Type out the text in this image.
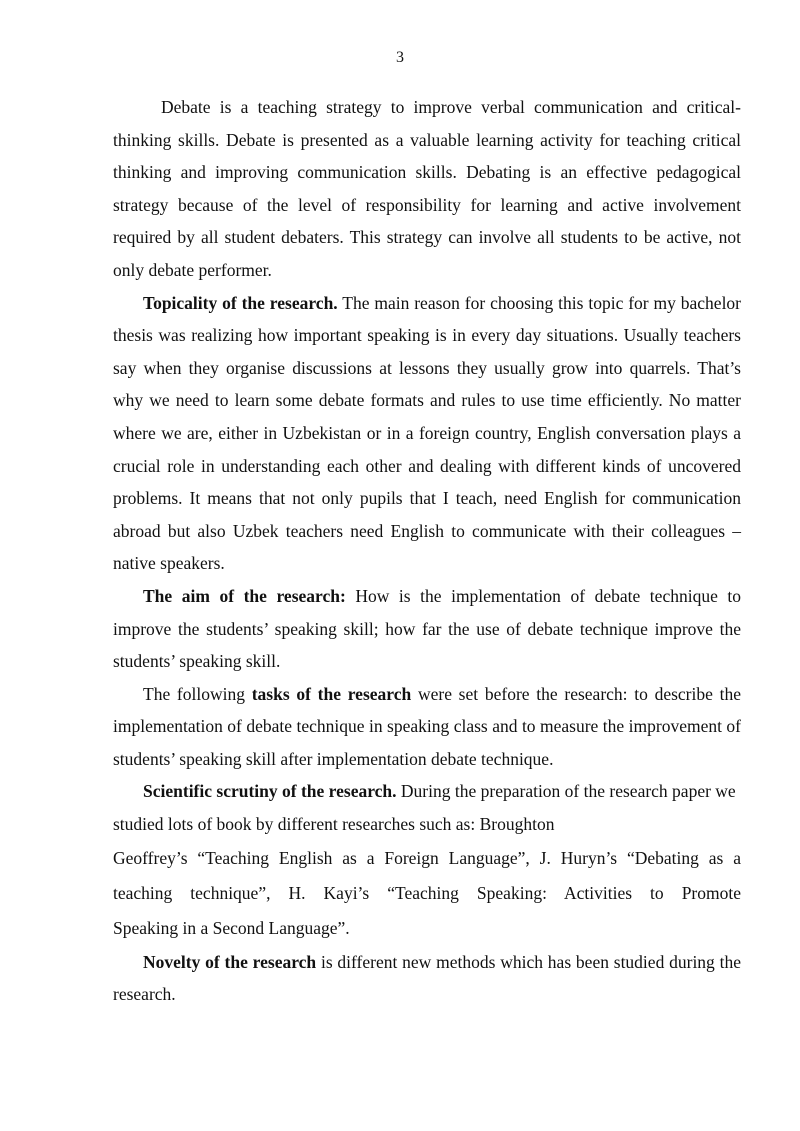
3

Debate is a teaching strategy to improve verbal communication and critical-thinking skills. Debate is presented as a valuable learning activity for teaching critical thinking and improving communication skills. Debating is an effective pedagogical strategy because of the level of responsibility for learning and active involvement required by all student debaters. This strategy can involve all students to be active, not only debate performer.

Topicality of the research. The main reason for choosing this topic for my bachelor thesis was realizing how important speaking is in every day situations. Usually teachers say when they organise discussions at lessons they usually grow into quarrels. That’s why we need to learn some debate formats and rules to use time efficiently. No matter where we are, either in Uzbekistan or in a foreign country, English conversation plays a crucial role in understanding each other and dealing with different kinds of uncovered problems. It means that not only pupils that I teach, need English for communication abroad but also Uzbek teachers need English to communicate with their colleagues – native speakers.

The aim of the research: How is the implementation of debate technique to improve the students’ speaking skill; how far the use of debate technique improve the students’ speaking skill.

The following tasks of the research were set before the research: to describe the implementation of debate technique in speaking class and to measure the improvement of students’ speaking skill after implementation debate technique.

Scientific scrutiny of the research. During the preparation of the research paper we studied lots of book by different researches such as: Broughton
Geoffrey’s “Teaching English as a Foreign Language”, J. Huryn’s “Debating as a teaching technique”, H. Kayi’s “Teaching Speaking: Activities to Promote
Speaking in a Second Language”.

Novelty of the research is different new methods which has been studied during the research.
